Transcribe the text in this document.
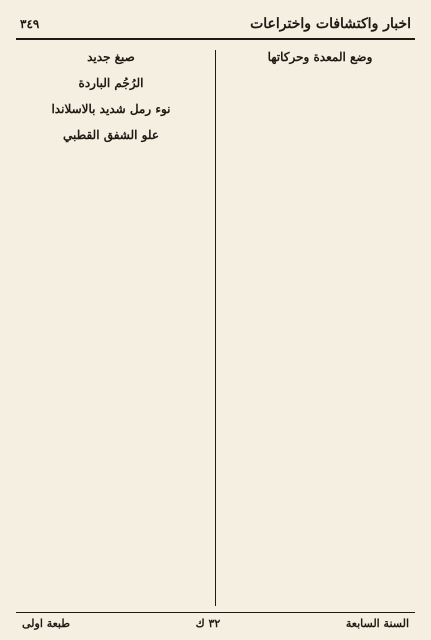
اخبار واكتشافات واختراعات
٣٤٩
وضع المعدة وحركاتها

صبغ جديد

الرُجُم الباردة

نوء رمل شديد بالاسلاندا

علو الشفق القطبي

السنة السابعة
٣٢ ك
طبعة اولى
